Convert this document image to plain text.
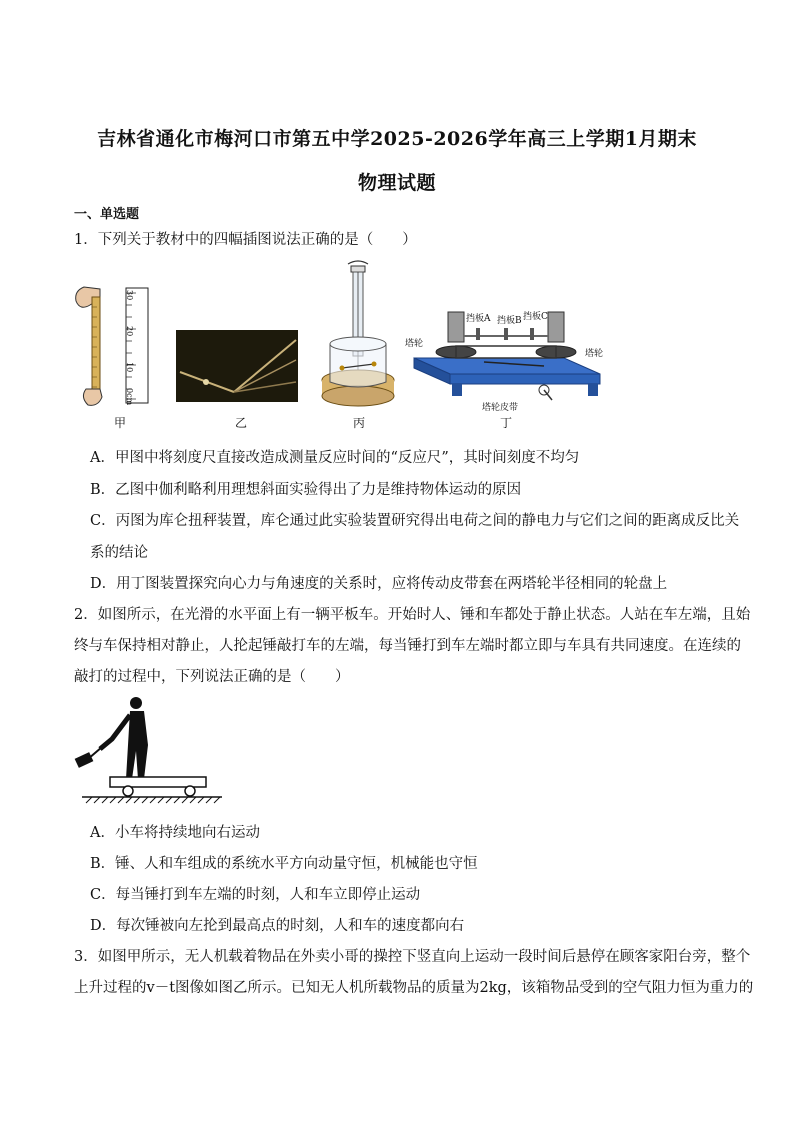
吉林省通化市梅河口市第五中学2025-2026学年高三上学期1月期末
物理试题
一、单选题
1．下列关于教材中的四幅插图说法正确的是（　　）
30
20
10
0cm
甲	乙	丙
塔轮
塔轮
挡板A 挡板B 挡板C
塔轮皮带
丁
A．甲图中将刻度尺直接改造成测量反应时间的“反应尺”，其时间刻度不均匀
B．乙图中伽利略利用理想斜面实验得出了力是维持物体运动的原因
C．丙图为库仑扭秤装置，库仑通过此实验装置研究得出电荷之间的静电力与它们之间的距离成反比关
系的结论
D．用丁图装置探究向心力与角速度的关系时，应将传动皮带套在两塔轮半径相同的轮盘上
2．如图所示，在光滑的水平面上有一辆平板车。开始时人、锤和车都处于静止状态。人站在车左端，且始
终与车保持相对静止，人抡起锤敲打车的左端，每当锤打到车左端时都立即与车具有共同速度。在连续的
敲打的过程中，下列说法正确的是（　　）
A．小车将持续地向右运动
B．锤、人和车组成的系统水平方向动量守恒，机械能也守恒
C．每当锤打到车左端的时刻，人和车立即停止运动
D．每次锤被向左抡到最高点的时刻，人和车的速度都向右
3．如图甲所示，无人机载着物品在外卖小哥的操控下竖直向上运动一段时间后悬停在顾客家阳台旁，整个
上升过程的v－t图像如图乙所示。已知无人机所载物品的质量为2kg，该箱物品受到的空气阻力恒为重力的
